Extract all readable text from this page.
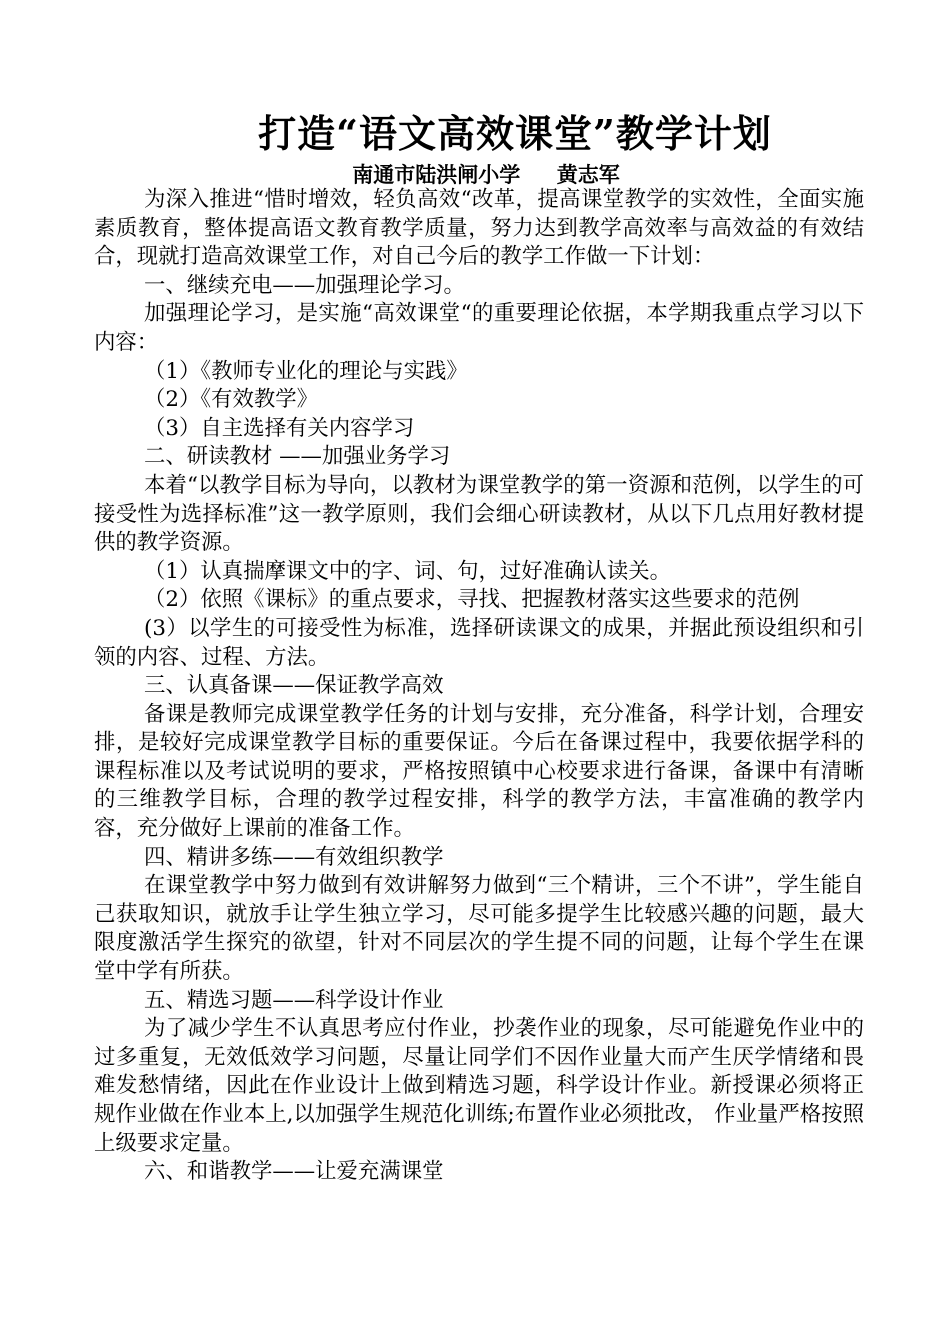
打造“语文高效课堂”教学计划
南通市陆洪闸小学     黄志军

为深入推进“惜时增效，轻负高效“改革，提高课堂教学的实效性，全面实施素质教育，整体提高语文教育教学质量，努力达到教学高效率与高效益的有效结合，现就打造高效课堂工作，对自己今后的教学工作做一下计划：

一、继续充电——加强理论学习。

加强理论学习，是实施“高效课堂“的重要理论依据，本学期我重点学习以下内容：

（1）《教师专业化的理论与实践》

（2）《有效教学》

（3）自主选择有关内容学习

二、研读教材 ——加强业务学习

本着“以教学目标为导向，以教材为课堂教学的第一资源和范例，以学生的可接受性为选择标准”这一教学原则，我们会细心研读教材，从以下几点用好教材提供的教学资源。

（1）认真揣摩课文中的字、词、句，过好准确认读关。

（2）依照《课标》的重点要求，寻找、把握教材落实这些要求的范例

(3）以学生的可接受性为标准，选择研读课文的成果，并据此预设组织和引领的内容、过程、方法。

三、认真备课——保证教学高效

备课是教师完成课堂教学任务的计划与安排，充分准备，科学计划，合理安排，是较好完成课堂教学目标的重要保证。今后在备课过程中，我要依据学科的课程标准以及考试说明的要求，严格按照镇中心校要求进行备课，备课中有清晰的三维教学目标，合理的教学过程安排，科学的教学方法，丰富准确的教学内容，充分做好上课前的准备工作。

四、精讲多练——有效组织教学

在课堂教学中努力做到有效讲解努力做到“三个精讲，三个不讲”，学生能自己获取知识，就放手让学生独立学习，尽可能多提学生比较感兴趣的问题，最大限度激活学生探究的欲望，针对不同层次的学生提不同的问题，让每个学生在课堂中学有所获。

五、精选习题——科学设计作业

为了减少学生不认真思考应付作业，抄袭作业的现象，尽可能避免作业中的过多重复，无效低效学习问题，尽量让同学们不因作业量大而产生厌学情绪和畏难发愁情绪，因此在作业设计上做到精选习题，科学设计作业。新授课必须将正规作业做在作业本上,以加强学生规范化训练;布置作业必须批改， 作业量严格按照上级要求定量。

六、和谐教学——让爱充满课堂
